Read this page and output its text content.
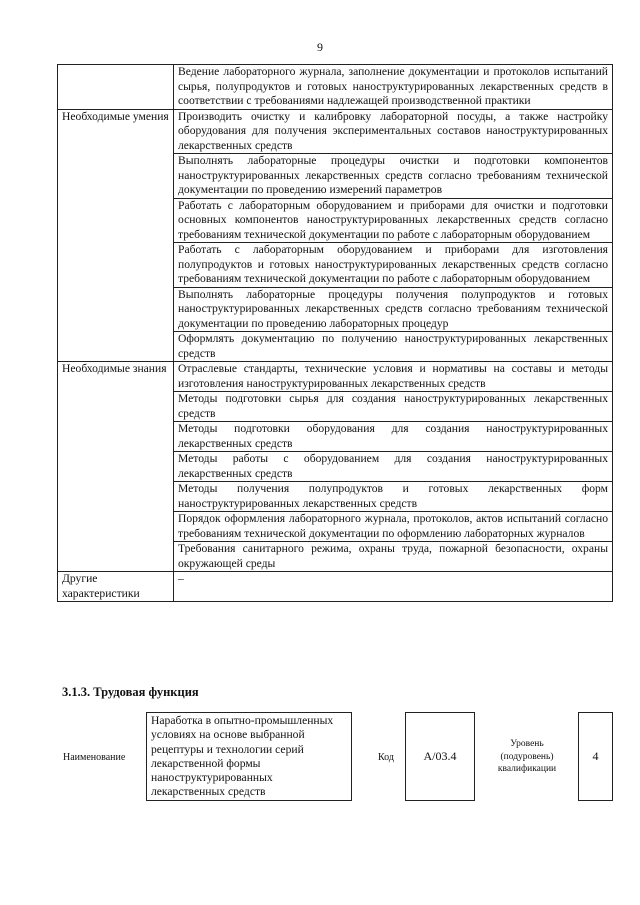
9
	Ведение лабораторного журнала, заполнение документации и протоколов испытаний сырья, полупродуктов и готовых наноструктурированных лекарственных средств в соответствии с требованиями надлежащей производственной практики
Необходимые умения	Производить очистку и калибровку лабораторной посуды, а также настройку оборудования для получения экспериментальных составов наноструктурированных лекарственных средств
	Выполнять лабораторные процедуры очистки и подготовки компонентов наноструктурированных лекарственных средств согласно требованиям технической документации по проведению измерений параметров
	Работать с лабораторным оборудованием и приборами для очистки и подготовки основных компонентов наноструктурированных лекарственных средств согласно требованиям технической документации по работе с лабораторным оборудованием
	Работать с лабораторным оборудованием и приборами для изготовления полупродуктов и готовых наноструктурированных лекарственных средств согласно требованиям технической документации по работе с лабораторным оборудованием
	Выполнять лабораторные процедуры получения полупродуктов и готовых наноструктурированных лекарственных средств согласно требованиям технической документации по проведению лабораторных процедур
	Оформлять документацию по получению наноструктурированных лекарственных средств
Необходимые знания	Отраслевые стандарты, технические условия и нормативы на составы и методы изготовления наноструктурированных лекарственных средств
	Методы подготовки сырья для создания наноструктурированных лекарственных средств
	Методы подготовки оборудования для создания наноструктурированных лекарственных средств
	Методы работы с оборудованием для создания наноструктурированных лекарственных средств
	Методы получения полупродуктов и готовых лекарственных форм наноструктурированных лекарственных средств
	Порядок оформления лабораторного журнала, протоколов, актов испытаний согласно требованиям технической документации по оформлению лабораторных журналов
	Требования санитарного режима, охраны труда, пожарной безопасности, охраны окружающей среды
Другие характеристики	–
3.1.3. Трудовая функция
Наименование
Наработка в опытно-промышленных условиях на основе выбранной рецептуры и технологии серий лекарственной формы наноструктурированных лекарственных средств
Код А/03.4
Уровень (подуровень) квалификации
4
